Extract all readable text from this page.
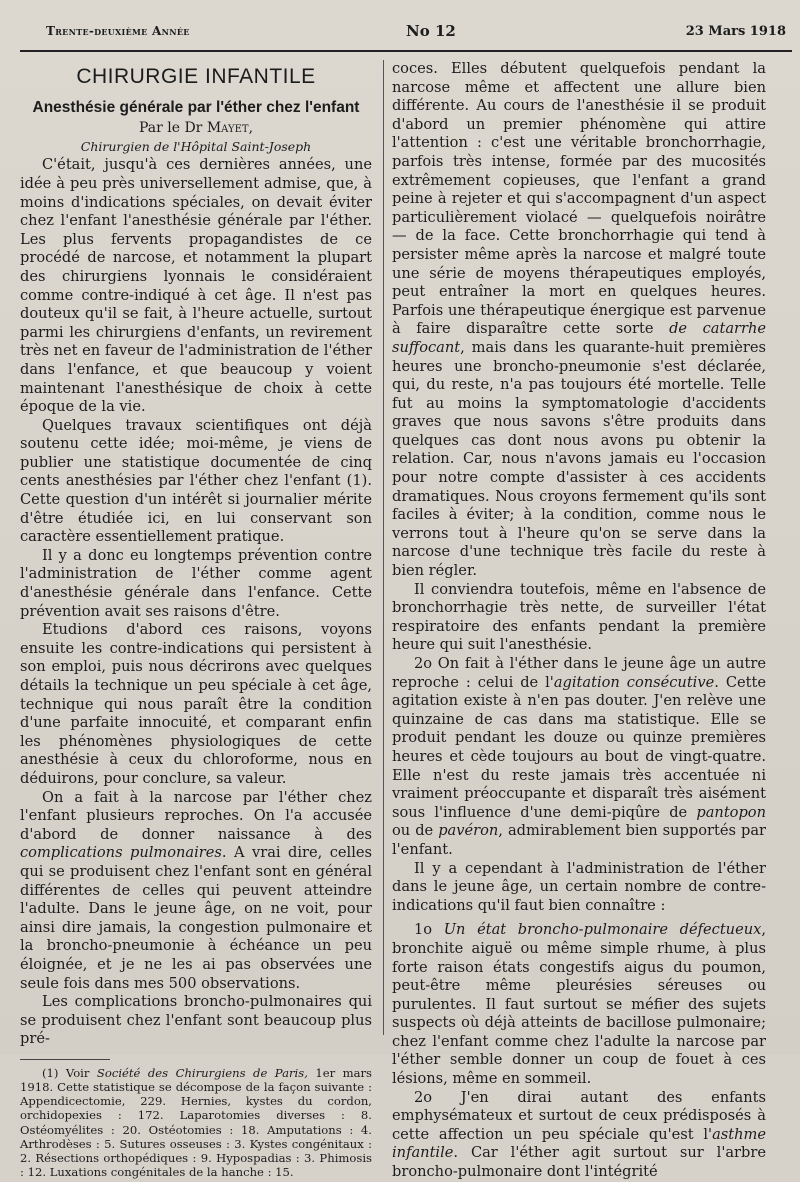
Trente-deuxième Année	No 12	23 Mars 1918
CHIRURGIE INFANTILE
Anesthésie générale par l'éther chez l'enfant

Par le Dr Mayet,

Chirurgien de l'Hôpital Saint-Joseph

C'était, jusqu'à ces dernières années, une idée à peu près universellement admise, que, à moins d'indications spéciales, on devait éviter chez l'enfant l'anesthésie générale par l'éther. Les plus fervents propagandistes de ce procédé de narcose, et notamment la plupart des chirurgiens lyonnais le considéraient comme contre-indiqué à cet âge. Il n'est pas douteux qu'il se fait, à l'heure actuelle, surtout parmi les chirurgiens d'enfants, un revirement très net en faveur de l'administration de l'éther dans l'enfance, et que beaucoup y voient maintenant l'anesthésique de choix à cette époque de la vie.

Quelques travaux scientifiques ont déjà soutenu cette idée; moi-même, je viens de publier une statistique documentée de cinq cents anesthésies par l'éther chez l'enfant (1). Cette question d'un intérêt si journalier mérite d'être étudiée ici, en lui conservant son caractère essentiellement pratique.

Il y a donc eu longtemps prévention contre l'administration de l'éther comme agent d'anesthésie générale dans l'enfance. Cette prévention avait ses raisons d'être.

Etudions d'abord ces raisons, voyons ensuite les contre-indications qui persistent à son emploi, puis nous décrirons avec quelques détails la technique un peu spéciale à cet âge, technique qui nous paraît être la condition d'une parfaite innocuité, et comparant enfin les phénomènes physiologiques de cette anesthésie à ceux du chloroforme, nous en déduirons, pour conclure, sa valeur.

On a fait à la narcose par l'éther chez l'enfant plusieurs reproches. On l'a accusée d'abord de donner naissance à des complications pulmonaires. A vrai dire, celles qui se produisent chez l'enfant sont en général différentes de celles qui peuvent atteindre l'adulte. Dans le jeune âge, on ne voit, pour ainsi dire jamais, la congestion pulmonaire et la broncho-pneumonie à échéance un peu éloignée, et je ne les ai pas observées une seule fois dans mes 500 observations.

Les complications broncho-pulmonaires qui se produisent chez l'enfant sont beaucoup plus pré-

(1) Voir Société des Chirurgiens de Paris, 1er mars 1918. Cette statistique se décompose de la façon suivante : Appendicectomie, 229. Hernies, kystes du cordon, orchidopexies : 172. Laparotomies diverses : 8. Ostéomyélites : 20. Ostéotomies : 18. Amputations : 4. Arthrodèses : 5. Sutures osseuses : 3. Kystes congénitaux : 2. Résections orthopédiques : 9. Hypospadias : 3. Phimosis : 12. Luxations congénitales de la hanche : 15.

coces. Elles débutent quelquefois pendant la narcose même et affectent une allure bien différente. Au cours de l'anesthésie il se produit d'abord un premier phénomène qui attire l'attention : c'est une véritable bronchorrhagie, parfois très intense, formée par des mucosités extrêmement copieuses, que l'enfant a grand peine à rejeter et qui s'accompagnent d'un aspect particulièrement violacé — quelquefois noirâtre — de la face. Cette bronchorrhagie qui tend à persister même après la narcose et malgré toute une série de moyens thérapeutiques employés, peut entraîner la mort en quelques heures. Parfois une thérapeutique énergique est parvenue à faire disparaître cette sorte de catarrhe suffocant, mais dans les quarante-huit premières heures une broncho-pneumonie s'est déclarée, qui, du reste, n'a pas toujours été mortelle. Telle fut au moins la symptomatologie d'accidents graves que nous savons s'être produits dans quelques cas dont nous avons pu obtenir la relation. Car, nous n'avons jamais eu l'occasion pour notre compte d'assister à ces accidents dramatiques. Nous croyons fermement qu'ils sont faciles à éviter; à la condition, comme nous le verrons tout à l'heure qu'on se serve dans la narcose d'une technique très facile du reste à bien régler.

Il conviendra toutefois, même en l'absence de bronchorrhagie très nette, de surveiller l'état respiratoire des enfants pendant la première heure qui suit l'anesthésie.

2o On fait à l'éther dans le jeune âge un autre reproche : celui de l'agitation consécutive. Cette agitation existe à n'en pas douter. J'en relève une quinzaine de cas dans ma statistique. Elle se produit pendant les douze ou quinze premières heures et cède toujours au bout de vingt-quatre. Elle n'est du reste jamais très accentuée ni vraiment préoccupante et disparaît très aisément sous l'influence d'une demi-piqûre de pantopon ou de pavéron, admirablement bien supportés par l'enfant.

Il y a cependant à l'administration de l'éther dans le jeune âge, un certain nombre de contre-indications qu'il faut bien connaître :

1o Un état broncho-pulmonaire défectueux, bronchite aiguë ou même simple rhume, à plus forte raison états congestifs aigus du poumon, peut-être même pleurésies séreuses ou purulentes. Il faut surtout se méfier des sujets suspects où déjà atteints de bacillose pulmonaire; chez l'enfant comme chez l'adulte la narcose par l'éther semble donner un coup de fouet à ces lésions, même en sommeil.

2o J'en dirai autant des enfants emphysémateux et surtout de ceux prédisposés à cette affection un peu spéciale qu'est l'asthme infantile. Car l'éther agit surtout sur l'arbre broncho-pulmonaire dont l'intégrité
